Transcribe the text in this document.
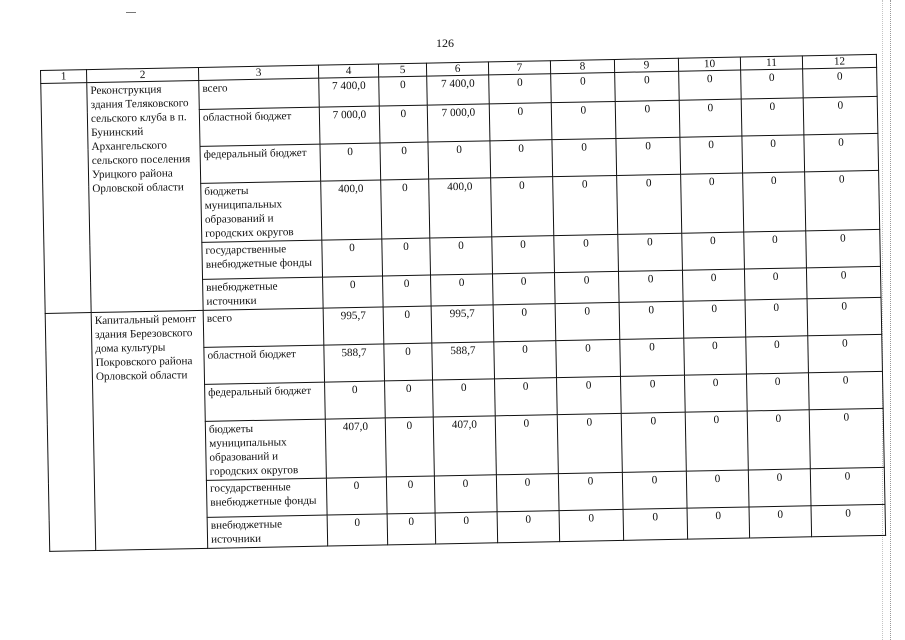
126
1	2	3	4	5	6	7	8	9	10	11	12
	Реконструкция здания Теляковского сельского клуба в п. Бунинский Архангельского сельского поселения Урицкого района Орловской области	всего	7 400,0	0	7 400,0	0	0	0	0	0	0
		областной бюджет	7 000,0	0	7 000,0	0	0	0	0	0	0
		федеральный бюджет	0	0	0	0	0	0	0	0	0
		бюджеты муниципальных образований и городских округов	400,0	0	400,0	0	0	0	0	0	0
		государственные внебюджетные фонды	0	0	0	0	0	0	0	0	0
		внебюджетные источники	0	0	0	0	0	0	0	0	0
	Капитальный ремонт здания Березовского дома культуры Покровского района Орловской области	всего	995,7	0	995,7	0	0	0	0	0	0
		областной бюджет	588,7	0	588,7	0	0	0	0	0	0
		федеральный бюджет	0	0	0	0	0	0	0	0	0
		бюджеты муниципальных образований и городских округов	407,0	0	407,0	0	0	0	0	0	0
		государственные внебюджетные фонды	0	0	0	0	0	0	0	0	0
		внебюджетные источники	0	0	0	0	0	0	0	0	0
